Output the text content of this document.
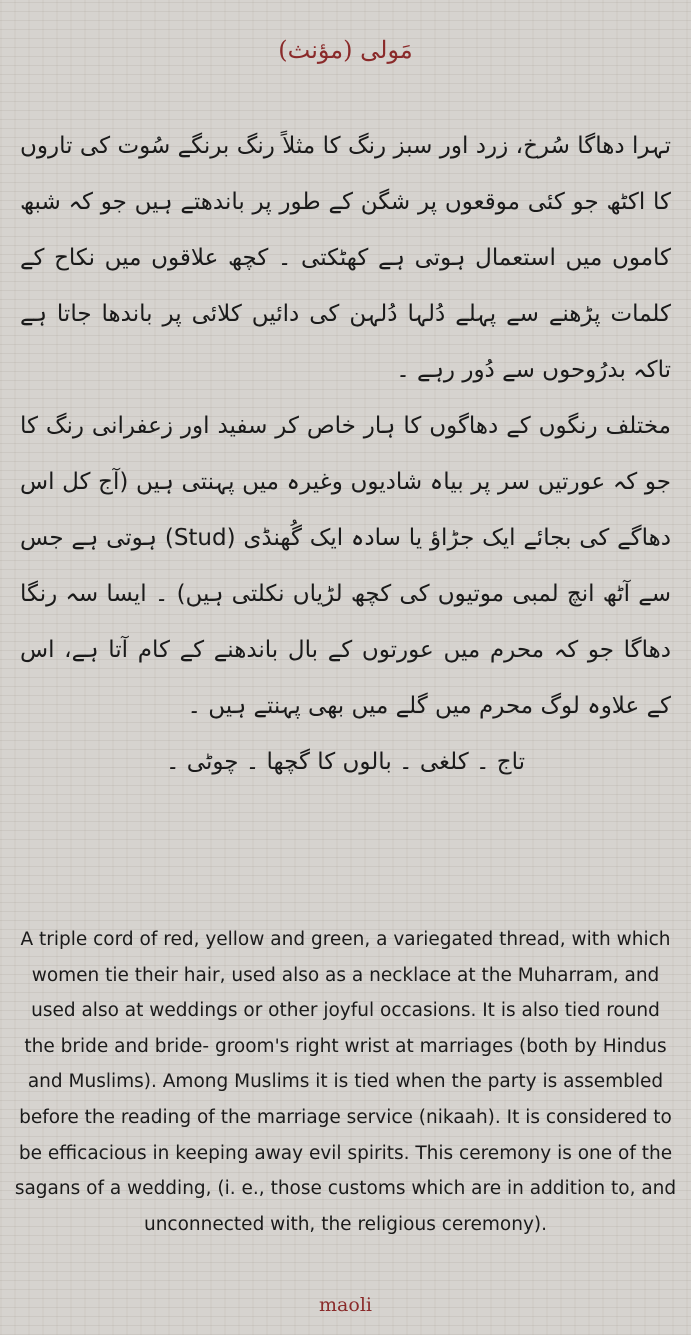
مَولی (مؤنث)

تہرا دھاگا سُرخ، زرد اور سبز رنگ کا مثلاً رنگ برنگے سُوت کی تاروں کا اکٹھ جو کئی موقعوں پر شگن کے طور پر باندھتے ہیں جو کہ شبھ کاموں میں استعمال ہوتی ہے کھٹکتی ۔ کچھ علاقوں میں نکاح کے کلمات پڑھنے سے پہلے دُلہا دُلہن کی دائیں کلائی پر باندھا جاتا ہے تاکہ بدرُوحوں سے دُور رہے ۔

مختلف رنگوں کے دھاگوں کا ہار خاص کر سفید اور زعفرانی رنگ کا جو کہ عورتیں سر پر بیاہ شادیوں وغیرہ میں پہنتی ہیں (آج کل اس دھاگے کی بجائے ایک جڑاؤ یا سادہ ایک گُھنڈی (Stud) ہوتی ہے جس سے آٹھ انچ لمبی موتیوں کی کچھ لڑیاں نکلتی ہیں) ۔ ایسا سہ رنگا دھاگا جو کہ محرم میں عورتوں کے بال باندھنے کے کام آتا ہے، اس کے علاوہ لوگ محرم میں گلے میں بھی پہنتے ہیں ۔

تاج ۔ کلغی ۔ بالوں کا گچھا ۔ چوٹی ۔

A triple cord of red, yellow and green, a variegated thread, with which women tie their hair, used also as a necklace at the Muharram, and used also at weddings or other joyful occasions. It is also tied round the bride and bride- groom's right wrist at marriages (both by Hindus and Muslims). Among Muslims it is tied when the party is assembled before the reading of the marriage service (nikaah). It is considered to be efficacious in keeping away evil spirits. This ceremony is one of the sagans of a wedding, (i. e., those customs which are in addition to, and unconnected with, the religious ceremony).
maoli
